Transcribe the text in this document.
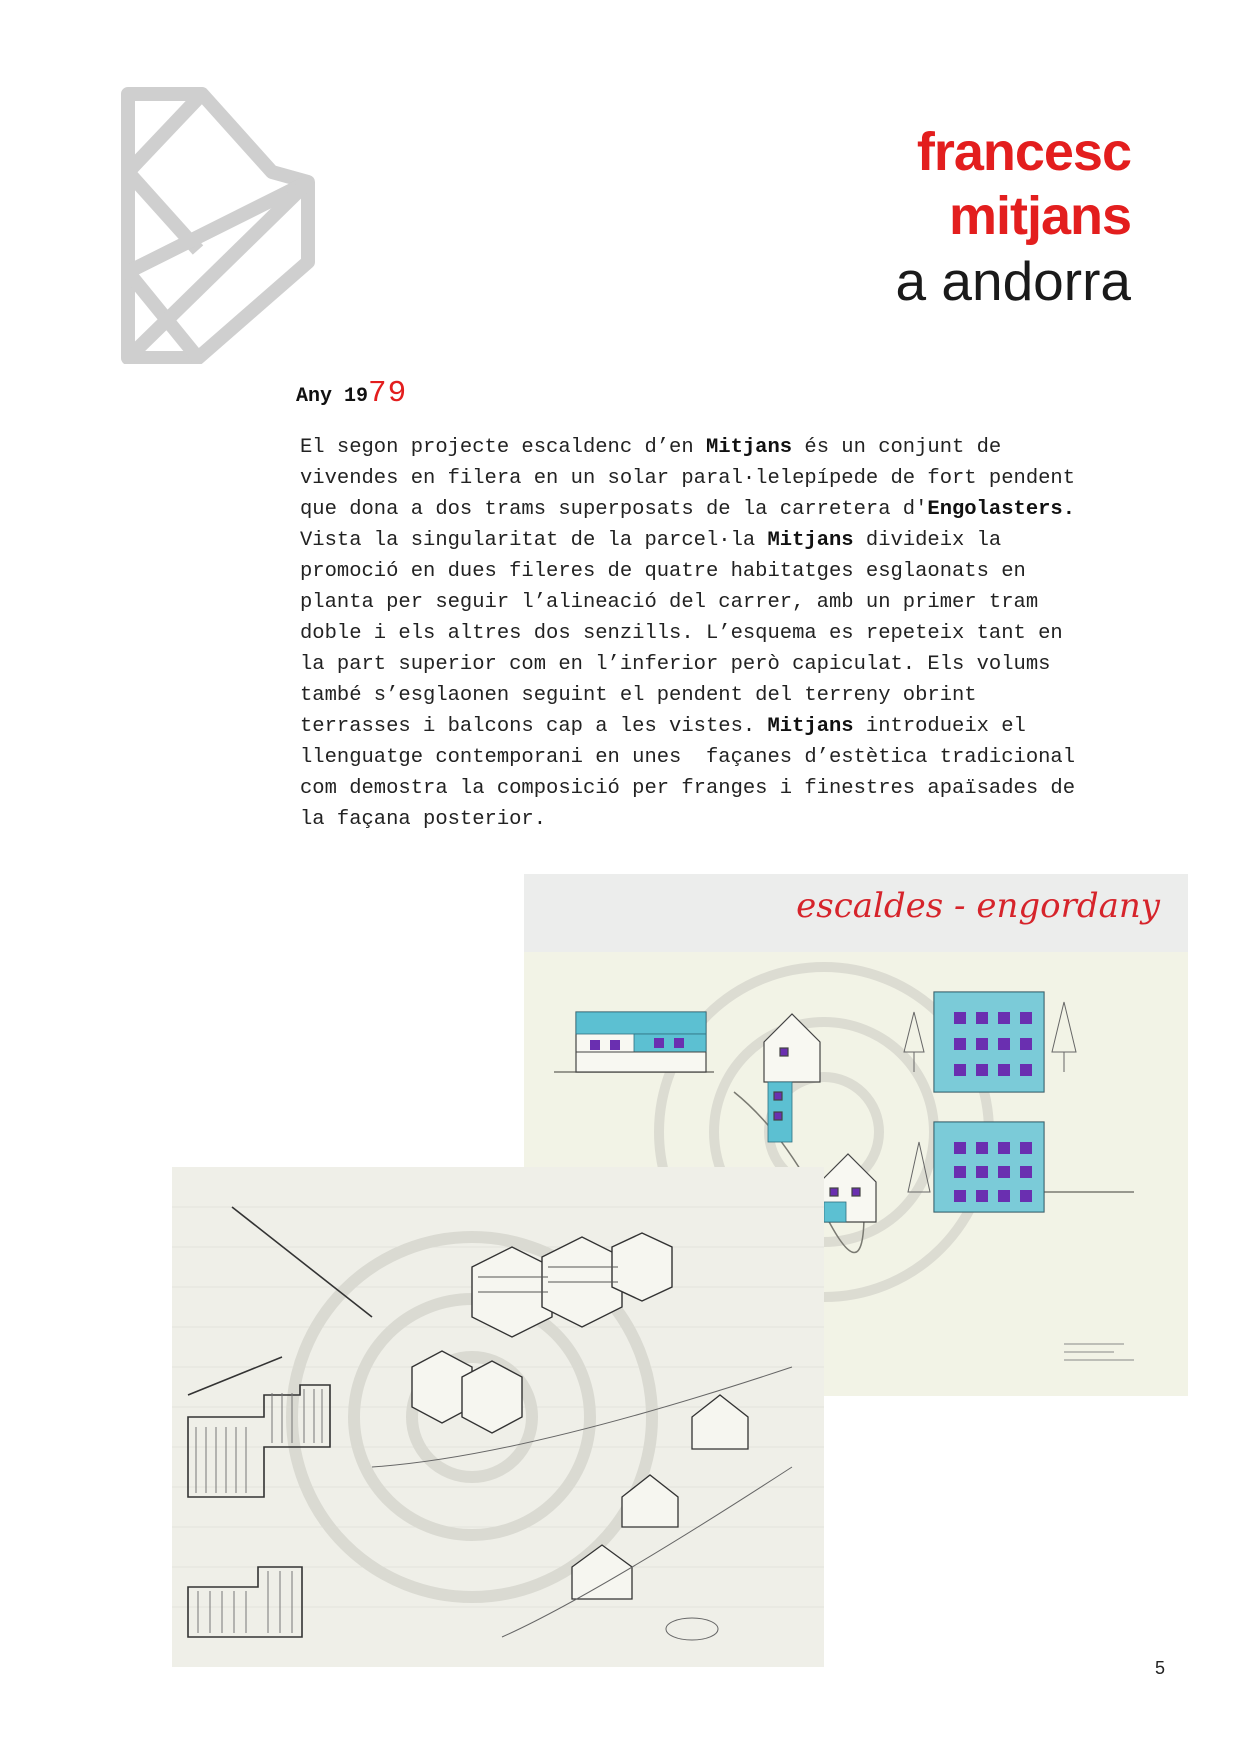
francesc
mitjans
a andorra
Any 1979
El segon projecte escaldenc d’en Mitjans és un conjunt de
vivendes en filera en un solar paral·lelepípede de fort pendent
que dona a dos trams superposats de la carretera d'Engolasters.
Vista la singularitat de la parcel·la Mitjans divideix la
promoció en dues fileres de quatre habitatges esglaonats en
planta per seguir l’alineació del carrer, amb un primer tram
doble i els altres dos senzills. L’esquema es repeteix tant en
la part superior com en l’inferior però capiculat. Els volums
també s’esglaonen seguint el pendent del terreny obrint
terrasses i balcons cap a les vistes. Mitjans introdueix el
llenguatge contemporani en unes  façanes d’estètica tradicional
com demostra la composició per franges i finestres apaïsades de
la façana posterior.
escaldes - engordany
5
